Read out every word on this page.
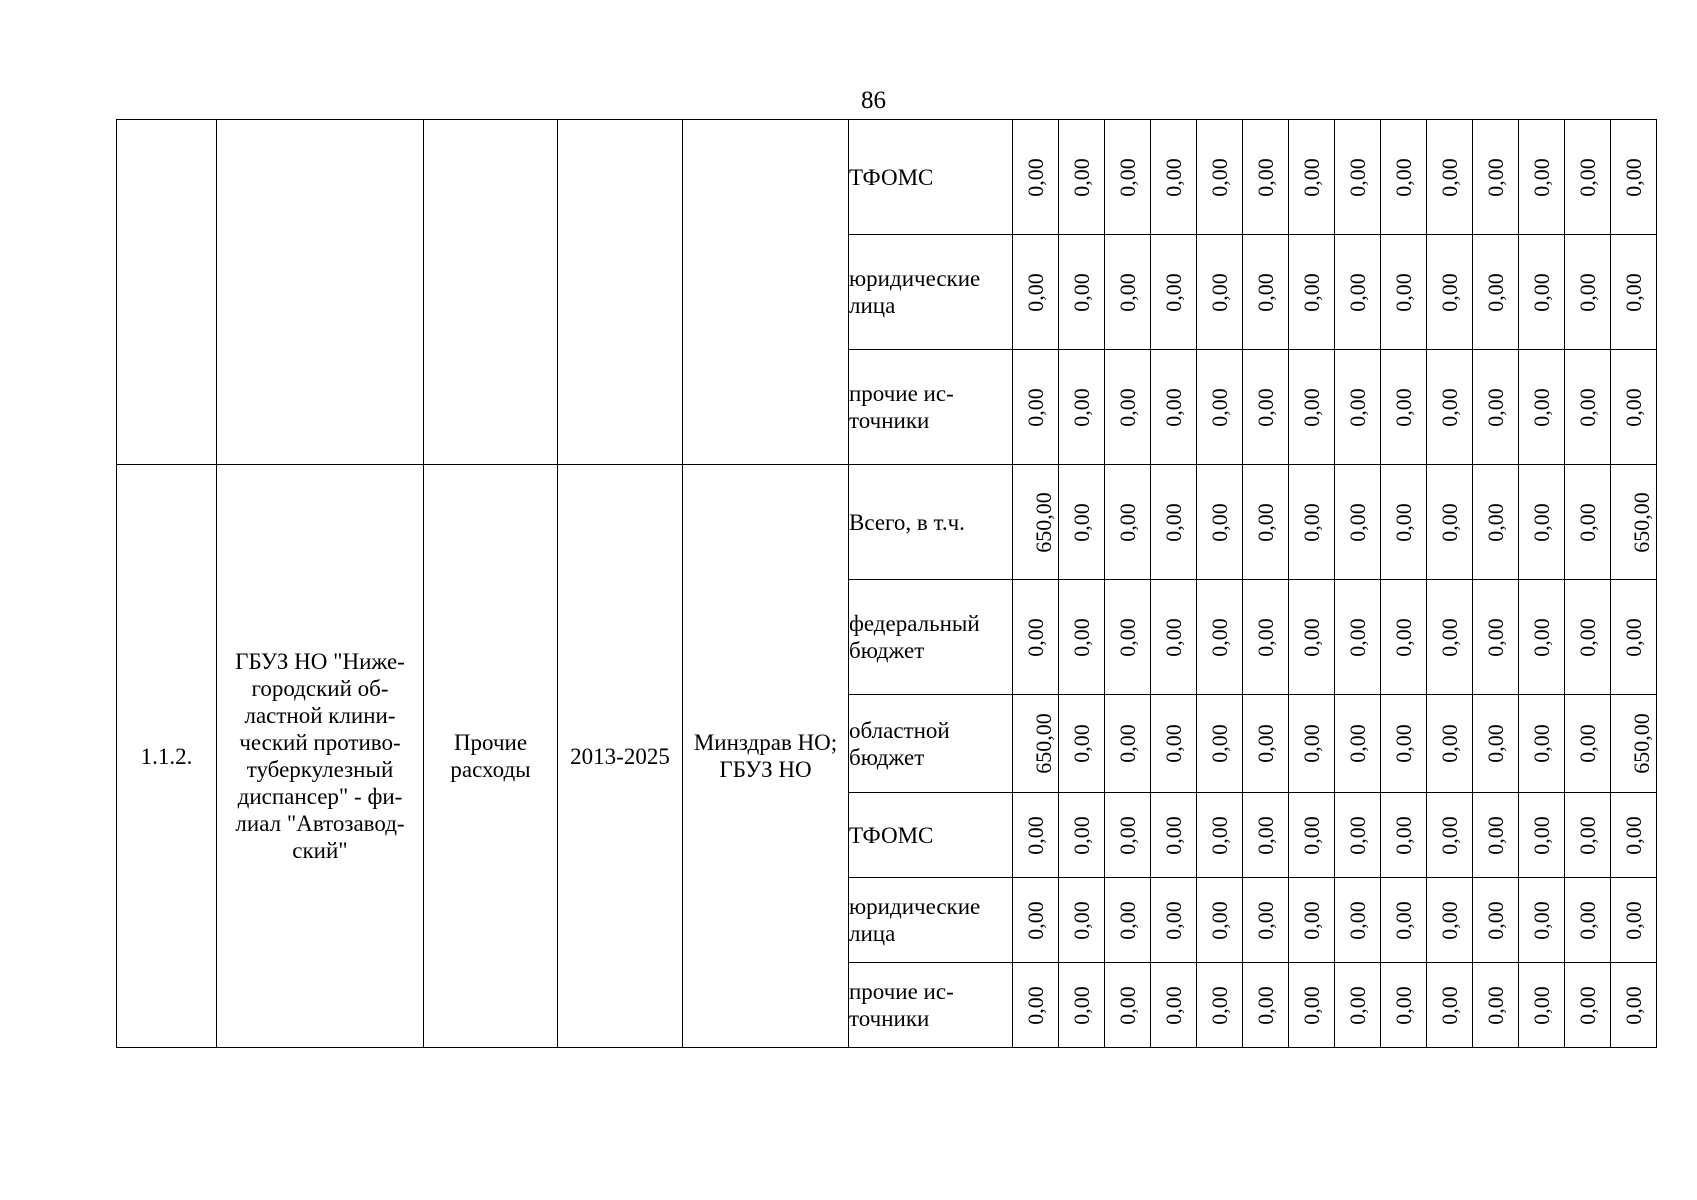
86
					ТФОМС	0,00	0,00	0,00	0,00	0,00	0,00	0,00	0,00	0,00	0,00	0,00	0,00	0,00	0,00
					юридические лица	0,00	0,00	0,00	0,00	0,00	0,00	0,00	0,00	0,00	0,00	0,00	0,00	0,00	0,00
					прочие ис-точники	0,00	0,00	0,00	0,00	0,00	0,00	0,00	0,00	0,00	0,00	0,00	0,00	0,00	0,00
1.1.2.	ГБУЗ НО "Ниже-городский об-ластной клини-ческий противо-туберкулезный диспансер" - фи-лиал "Автозавод-ский"	Прочие расходы	2013-2025	Минздрав НО; ГБУЗ НО	Всего, в т.ч.	650,00	0,00	0,00	0,00	0,00	0,00	0,00	0,00	0,00	0,00	0,00	0,00	0,00	650,00
					федеральный бюджет	0,00	0,00	0,00	0,00	0,00	0,00	0,00	0,00	0,00	0,00	0,00	0,00	0,00	0,00
					областной бюджет	650,00	0,00	0,00	0,00	0,00	0,00	0,00	0,00	0,00	0,00	0,00	0,00	0,00	650,00
					ТФОМС	0,00	0,00	0,00	0,00	0,00	0,00	0,00	0,00	0,00	0,00	0,00	0,00	0,00	0,00
					юридические лица	0,00	0,00	0,00	0,00	0,00	0,00	0,00	0,00	0,00	0,00	0,00	0,00	0,00	0,00
					прочие ис-точники	0,00	0,00	0,00	0,00	0,00	0,00	0,00	0,00	0,00	0,00	0,00	0,00	0,00	0,00
